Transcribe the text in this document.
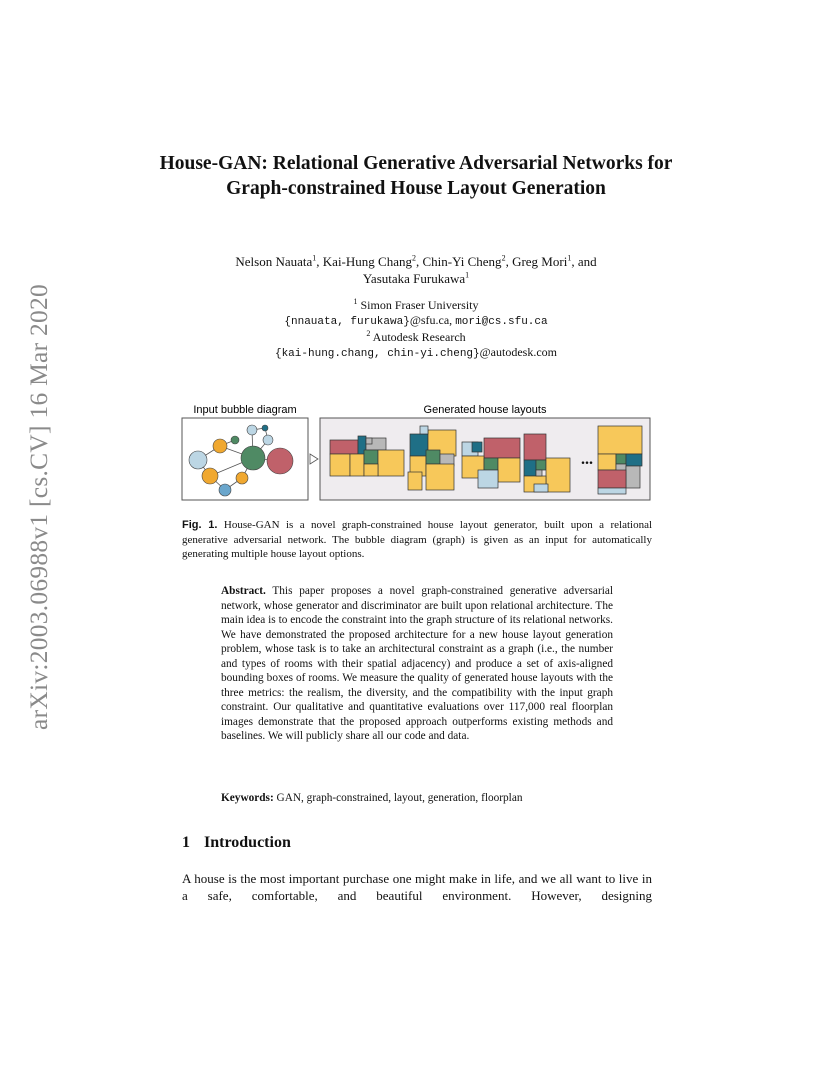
arXiv:2003.06988v1 [cs.CV] 16 Mar 2020
House-GAN: Relational Generative Adversarial Networks for Graph-constrained House Layout Generation
Nelson Nauata$^1$, Kai-Hung Chang$^2$, Chin-Yi Cheng$^2$, Greg Mori$^1$, and
Yasutaka Furukawa$^1$
$^1$ Simon Fraser University
{nnauata, furukawa}@sfu.ca, mori@cs.sfu.ca
$^2$ Autodesk Research
{kai-hung.chang, chin-yi.cheng}@autodesk.com
Input bubble diagram	Generated house layouts
...
Fig. 1. House-GAN is a novel graph-constrained house layout generator, built upon a relational generative adversarial network. The bubble diagram (graph) is given as an input for automatically generating multiple house layout options.
Abstract. This paper proposes a novel graph-constrained generative adversarial network, whose generator and discriminator are built upon relational architecture. The main idea is to encode the constraint into the graph structure of its relational networks. We have demonstrated the proposed architecture for a new house layout generation problem, whose task is to take an architectural constraint as a graph (i.e., the number and types of rooms with their spatial adjacency) and produce a set of axis-aligned bounding boxes of rooms. We measure the quality of generated house layouts with the three metrics: the realism, the diversity, and the compatibility with the input graph constraint. Our qualitative and quantitative evaluations over 117,000 real floorplan images demonstrate that the proposed approach outperforms existing methods and baselines. We will publicly share all our code and data.
Keywords: GAN, graph-constrained, layout, generation, floorplan
1 Introduction
A house is the most important purchase one might make in life, and we all want to live in a safe, comfortable, and beautiful environment. However, designing
